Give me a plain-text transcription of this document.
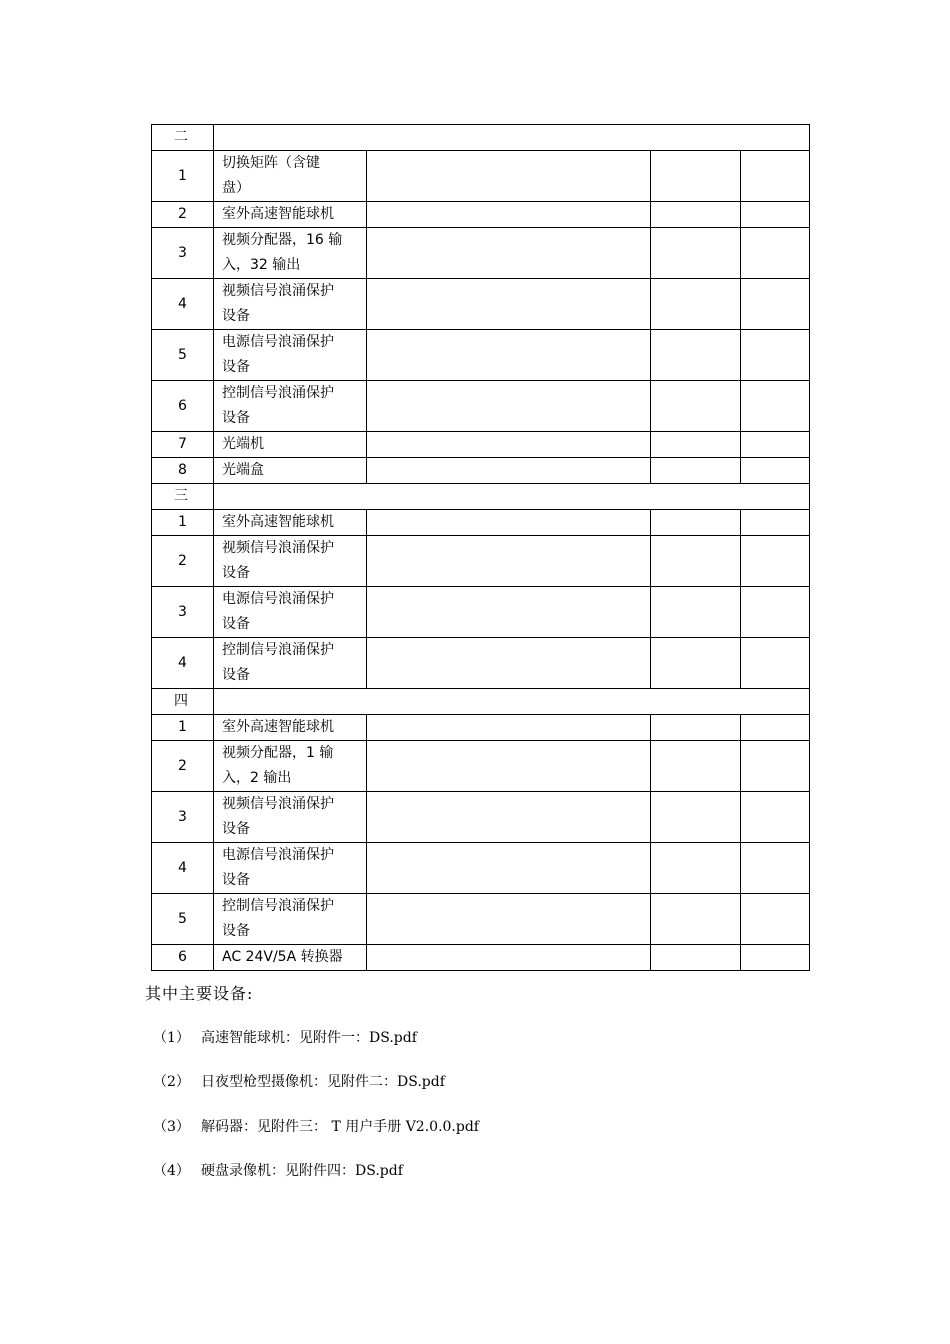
二				
1	切换矩阵（含键
盘）			

2	室外高速智能球机			

3	视频分配器，16 输
入，32 输出			

4	视频信号浪涌保护
设备			

5	电源信号浪涌保护
设备			

6	控制信号浪涌保护
设备			

7	光端机			

8	光端盒			

三				
1	室外高速智能球机			

2	视频信号浪涌保护
设备			

3	电源信号浪涌保护
设备			

4	控制信号浪涌保护
设备			

四				
1	室外高速智能球机			

2	视频分配器，1 输
入，2 输出			

3	视频信号浪涌保护
设备			

4	电源信号浪涌保护
设备			

5	控制信号浪涌保护
设备			

6	AC 24V/5A 转换器			

其中主要设备:

（1） 高速智能球机：见附件一：DS.pdf
（2） 日夜型枪型摄像机：见附件二：DS.pdf
（3） 解码器：见附件三： T 用户手册 V2.0.0.pdf
（4） 硬盘录像机：见附件四：DS.pdf
